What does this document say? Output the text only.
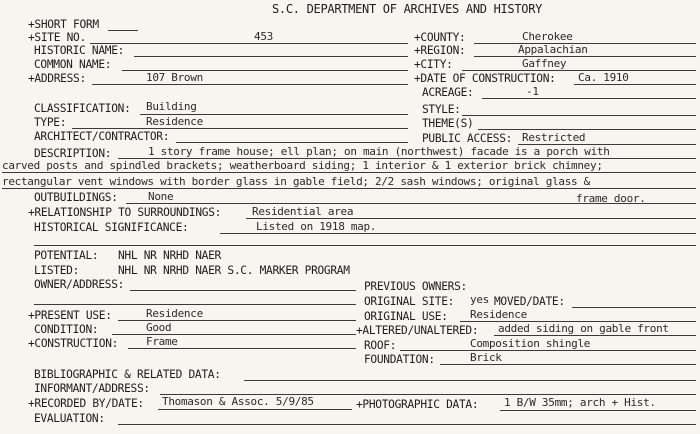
S.C. DEPARTMENT OF ARCHIVES AND HISTORY
+SHORT FORM
+SITE NO.	453	+COUNTY:	Cherokee
HISTORIC NAME:	+REGION:	Appalachian
COMMON NAME:	+CITY:	Gaffney
+ADDRESS:	107 Brown	+DATE OF CONSTRUCTION: Ca. 1910
ACREAGE:	-1
CLASSIFICATION: Building	STYLE:
TYPE:	Residence	THEME(S)
ARCHITECT/CONTRACTOR:	PUBLIC ACCESS: Restricted
DESCRIPTION:	1 story frame house; ell plan; on main (northwest) facade is a porch with
carved posts and spindled brackets; weatherboard siding; 1 interior & 1 exterior brick chimney;
rectangular vent windows with border glass in gable field; 2/2 sash windows; original glass &
OUTBUILDINGS:	None	frame door.
+RELATIONSHIP TO SURROUNDINGS:	Residential area
HISTORICAL SIGNIFICANCE:	Listed on 1918 map.
POTENTIAL: NHL NR NRHD NAER
LISTED:	NHL NR NRHD NAER S.C. MARKER PROGRAM
OWNER/ADDRESS:	PREVIOUS OWNERS:
ORIGINAL SITE: yes MOVED/DATE:
+PRESENT USE:	Residence	ORIGINAL USE: Residence
CONDITION:	Good	+ALTERED/UNALTERED: added siding on gable front
+CONSTRUCTION:	Frame	ROOF:	Composition shingle
FOUNDATION:	Brick
BIBLIOGRAPHIC & RELATED DATA:
INFORMANT/ADDRESS:
+RECORDED BY/DATE: Thomason & Assoc. 5/9/85	+PHOTOGRAPHIC DATA: 1 B/W 35mm; arch + Hist.
EVALUATION:
